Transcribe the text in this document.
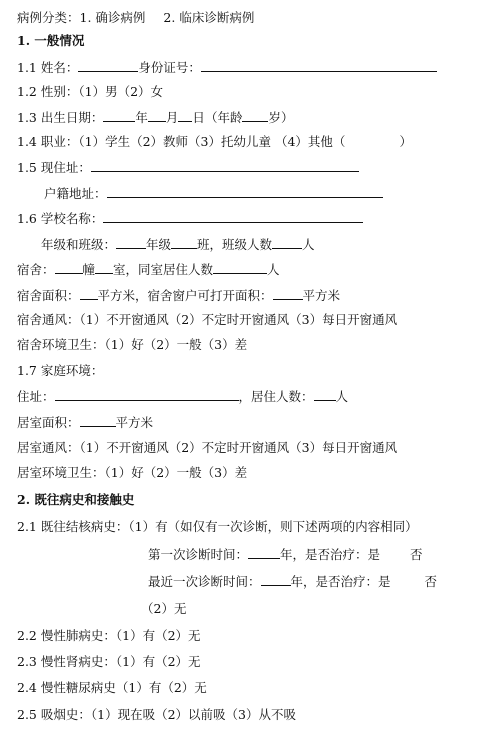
病例分类：1. 确诊病例 2. 临床诊断病例
1. 一般情况
1.1 姓名：	身份证号：
1.2 性别：（1）男（2）女
1.3 出生日期：	年 月 日（年龄 岁）
1.4 职业：（1）学生（2）教师（3）托幼儿童 （4）其他（	）
1.5 现住址：
户籍地址：
1.6 学校名称：
年级和班级： 年级 班，班级人数 人
宿舍： 幢 室，同室居住人数	人
宿舍面积： 平方米，宿舍窗户可打开面积： 平方米
宿舍通风：（1）不开窗通风（2）不定时开窗通风（3）每日开窗通风
宿舍环境卫生：（1）好（2）一般（3）差
1.7 家庭环境：
住址：	，居住人数： 人
居室面积：	平方米
居室通风：（1）不开窗通风（2）不定时开窗通风（3）每日开窗通风
居室环境卫生：（1）好（2）一般（3）差
2. 既往病史和接触史
2.1 既往结核病史：（1）有（如仅有一次诊断，则下述两项的内容相同）
第一次诊断时间：	年，是否治疗：是 否
最近一次诊断时间： 年，是否治疗：是	否
（2）无
2.2 慢性肺病史：（1）有（2）无
2.3 慢性肾病史：（1）有（2）无
2.4 慢性糖尿病史（1）有（2）无
2.5 吸烟史：（1）现在吸（2）以前吸（3）从不吸
